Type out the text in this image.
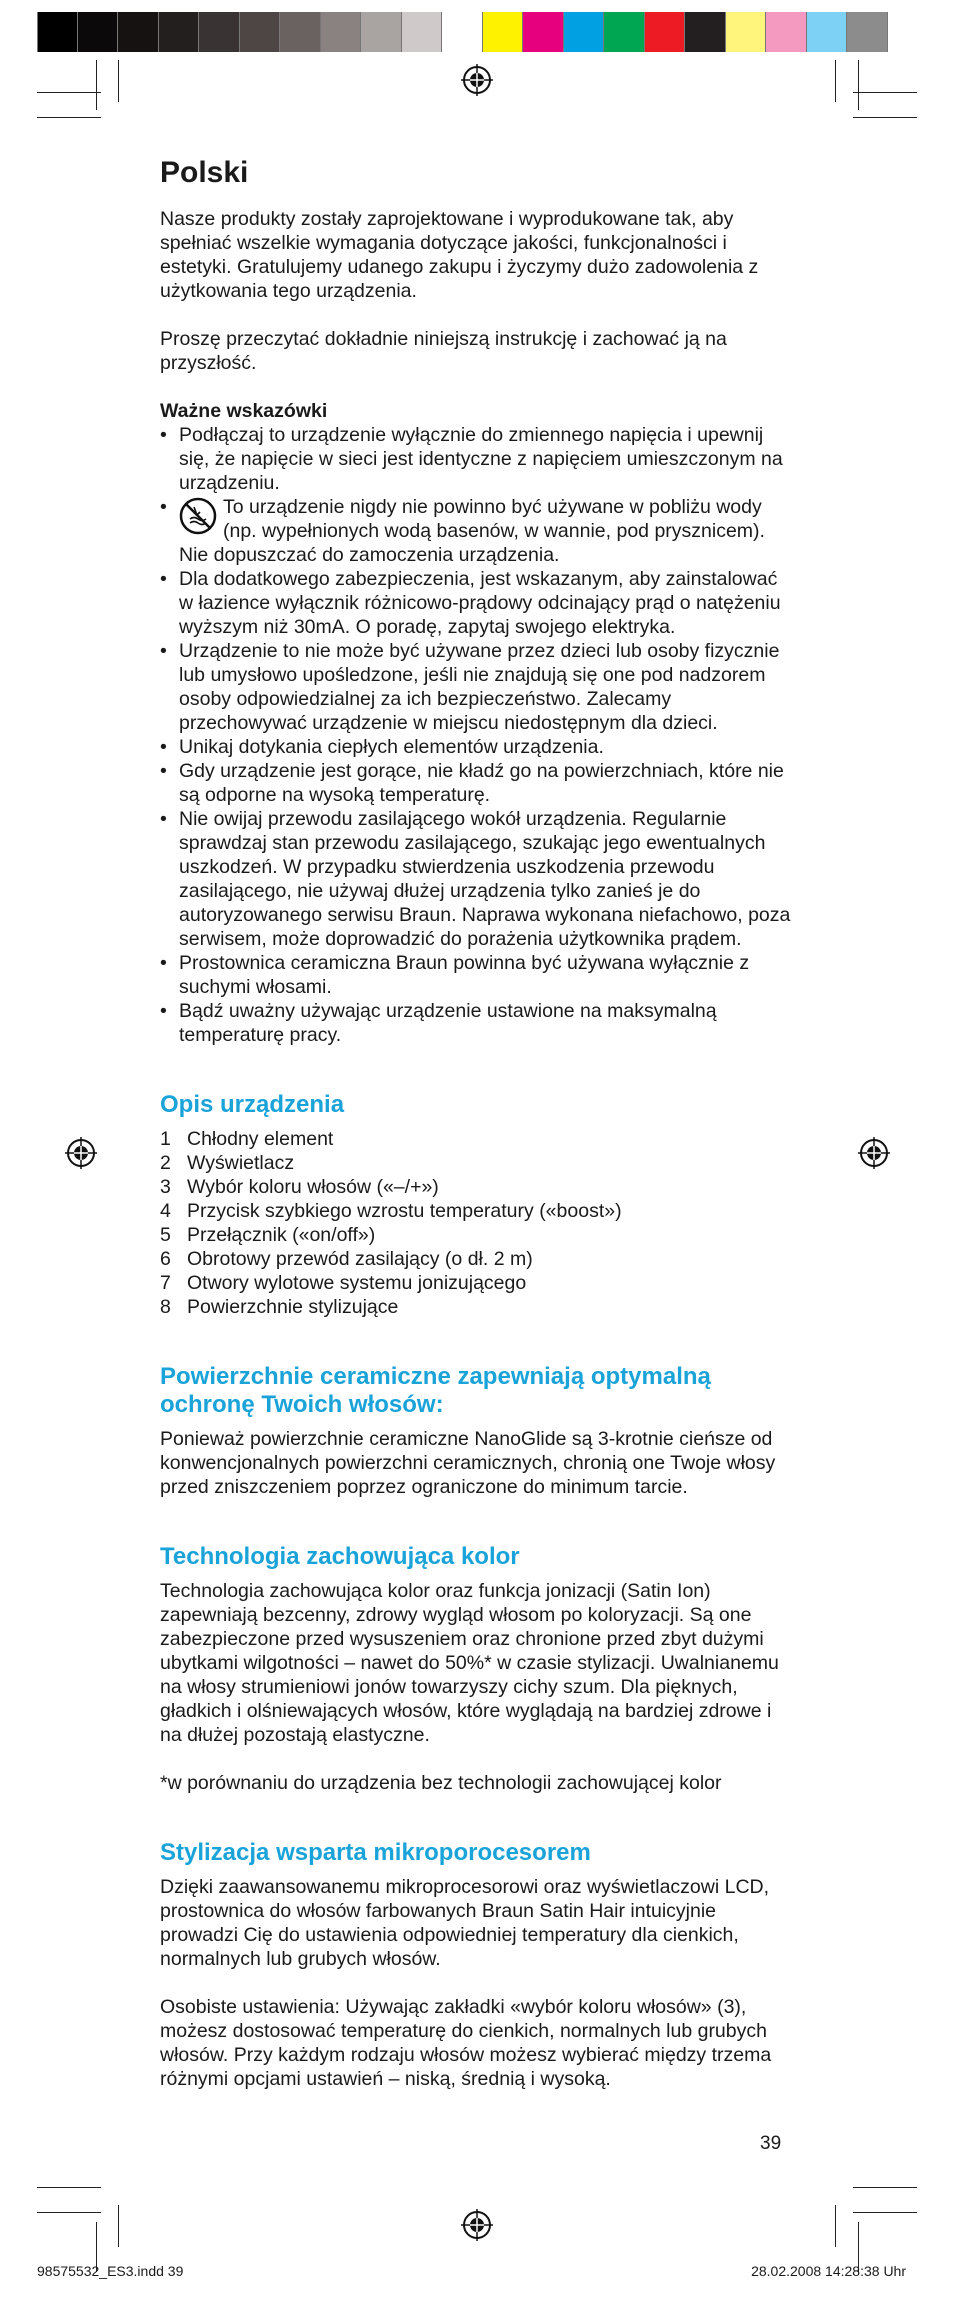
Polski

Nasze produkty zostały zaprojektowane i wyprodukowane tak, aby spełniać wszelkie wymagania dotyczące jakości, funkcjonalności i estetyki. Gratulujemy udanego zakupu i życzymy dużo zadowolenia z użytkowania tego urządzenia.

Proszę przeczytać dokładnie niniejszą instrukcję i zachować ją na przyszłość.

Ważne wskazówki
• Podłączaj to urządzenie wyłącznie do zmiennego napięcia i upewnij się, że napięcie w sieci jest identyczne z napięciem umieszczonym na urządzeniu.
• To urządzenie nigdy nie powinno być używane w pobliżu wody (np. wypełnionych wodą basenów, w wannie, pod prysznicem). Nie dopuszczać do zamoczenia urządzenia.
• Dla dodatkowego zabezpieczenia, jest wskazanym, aby zainstalować w łazience wyłącznik różnicowo-prądowy odcinający prąd o natężeniu wyższym niż 30mA. O poradę, zapytaj swojego elektryka.
• Urządzenie to nie może być używane przez dzieci lub osoby fizycznie lub umysłowo upośledzone, jeśli nie znajdują się one pod nadzorem osoby odpowiedzialnej za ich bezpieczeństwo. Zalecamy przechowywać urządzenie w miejscu niedostępnym dla dzieci.
• Unikaj dotykania ciepłych elementów urządzenia.
• Gdy urządzenie jest gorące, nie kładź go na powierzchniach, które nie są odporne na wysoką temperaturę.
• Nie owijaj przewodu zasilającego wokół urządzenia. Regularnie sprawdzaj stan przewodu zasilającego, szukając jego ewentualnych uszkodzeń. W przypadku stwierdzenia uszkodzenia przewodu zasilającego, nie używaj dłużej urządzenia tylko zanieś je do autoryzowanego serwisu Braun. Naprawa wykonana niefachowo, poza serwisem, może doprowadzić do porażenia użytkownika prądem.
• Prostownica ceramiczna Braun powinna być używana wyłącznie z suchymi włosami.
• Bądź uważny używając urządzenie ustawione na maksymalną temperaturę pracy.
Opis urządzenia
1 Chłodny element
2 Wyświetlacz
3 Wybór koloru włosów («–/+»)
4 Przycisk szybkiego wzrostu temperatury («boost»)
5 Przełącznik («on/off»)
6 Obrotowy przewód zasilający (o dł. 2 m)
7 Otwory wylotowe systemu jonizującego
8 Powierzchnie stylizujące
Powierzchnie ceramiczne zapewniają optymalną ochronę Twoich włosów:

Ponieważ powierzchnie ceramiczne NanoGlide są 3-krotnie cieńsze od konwencjonalnych powierzchni ceramicznych, chronią one Twoje włosy przed zniszczeniem poprzez ograniczone do minimum tarcie.

Technologia zachowująca kolor

Technologia zachowująca kolor oraz funkcja jonizacji (Satin Ion) zapewniają bezcenny, zdrowy wygląd włosom po koloryzacji. Są one zabezpieczone przed wysuszeniem oraz chronione przed zbyt dużymi ubytkami wilgotności – nawet do 50%* w czasie stylizacji. Uwalnianemu na włosy strumieniowi jonów towarzyszy cichy szum. Dla pięknych, gładkich i olśniewających włosów, które wyglądają na bardziej zdrowe i na dłużej pozostają elastyczne.

*w porównaniu do urządzenia bez technologii zachowującej kolor

Stylizacja wsparta mikroporocesorem

Dzięki zaawansowanemu mikroprocesorowi oraz wyświetlaczowi LCD, prostownica do włosów farbowanych Braun Satin Hair intuicyjnie prowadzi Cię do ustawienia odpowiedniej temperatury dla cienkich, normalnych lub grubych włosów.

Osobiste ustawienia: Używając zakładki «wybór koloru włosów» (3), możesz dostosować temperaturę do cienkich, normalnych lub grubych włosów. Przy każdym rodzaju włosów możesz wybierać między trzema różnymi opcjami ustawień – niską, średnią i wysoką.

39
98575532_ES3.indd 39	28.02.2008 14:28:38 Uhr
